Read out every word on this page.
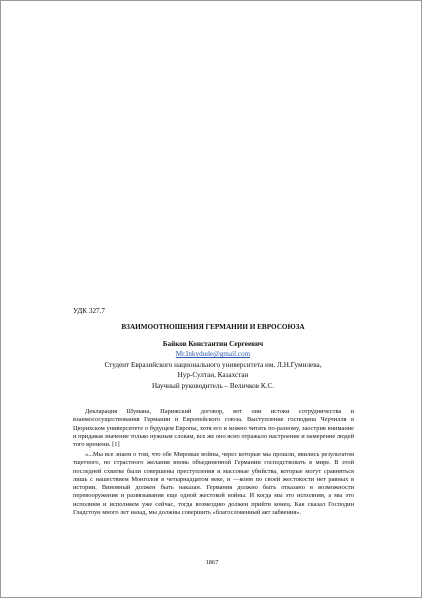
УДК 327.7
ВЗАИМООТНОШЕНИЯ ГЕРМАНИИ И ЕВРОСОЮЗА
Байков Константин Сергеевич
Mr.Inkydude@gmail.com
Студент Евразийского национального университета им. Л.Н.Гумилева,
Нур-Султан, Казахстан
Научный руководитель – Величков К.С.

Декларация Шумана, Парижский договор, вот они истоки сотрудничества и взаимососуществования Германии и Европейского союза. Выступление господина Черчилля в Цюрихском университете о будущем Европы, хотя его и можно читать по-разному, заострив внимание и придавая значение только нужным словам, все же оно ясно отражало настроение и намерение людей того времени. [1]

«...Мы все знаем о том, что обе Мировые войны, через которые мы прошли, явились результатом тщетного, но страстного желания вновь объединенной Германии господствовать в мире. В этой последней схватке были совершены преступления и массовые убийства, которые могут сравниться лишь с нашествием Монголов в четырнадцатом веке, и —коим по своей жестокости нет равных в истории. Виновный должен быть наказан. Германия должно быть отказано в возможности перевооружения и развязывания еще одной жестокой войны. И когда мы это исполним, а мы это исполним и исполняем уже сейчас, тогда возмездию должен прийти конец. Как сказал Господин Гладстоун много лет назад, мы должны совершить «благословенный акт забвения».

1867
